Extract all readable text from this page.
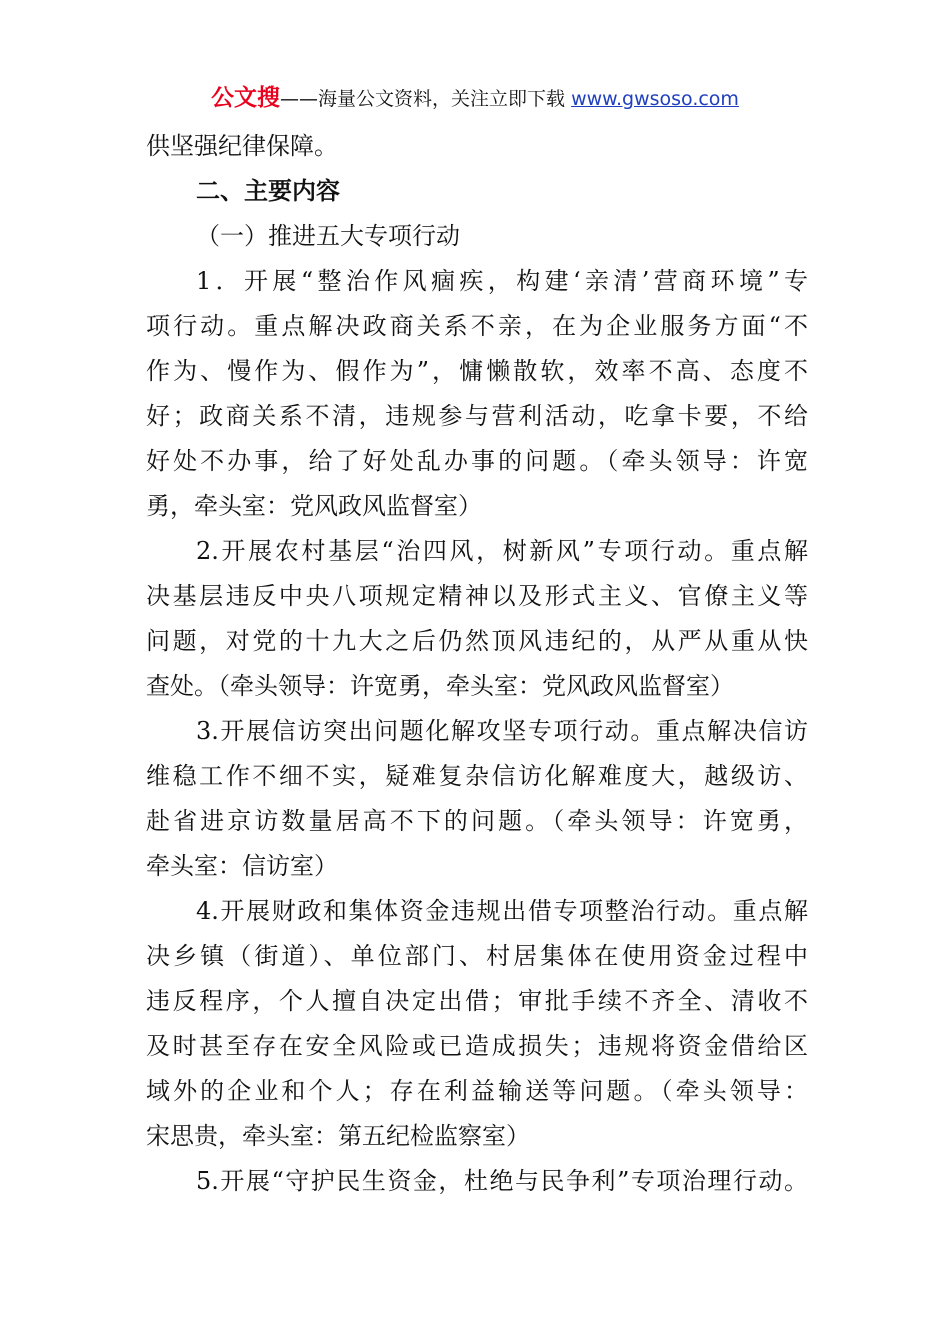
公文搜——海量公文资料，关注立即下载 www.gwsoso.com
供坚强纪律保障。
二、主要内容
（一）推进五大专项行动
1．开展“整治作风痼疾，构建‘亲清’营商环境”专
项行动。重点解决政商关系不亲，在为企业服务方面“不
作为、慢作为、假作为”，慵懒散软，效率不高、态度不
好；政商关系不清，违规参与营利活动，吃拿卡要，不给
好处不办事，给了好处乱办事的问题。（牵头领导：许宽
勇，牵头室：党风政风监督室）
2.开展农村基层“治四风，树新风”专项行动。重点解
决基层违反中央八项规定精神以及形式主义、官僚主义等
问题，对党的十九大之后仍然顶风违纪的，从严从重从快
查处。（牵头领导：许宽勇，牵头室：党风政风监督室）
3.开展信访突出问题化解攻坚专项行动。重点解决信访
维稳工作不细不实，疑难复杂信访化解难度大，越级访、
赴省进京访数量居高不下的问题。（牵头领导：许宽勇，
牵头室：信访室）
4.开展财政和集体资金违规出借专项整治行动。重点解
决乡镇（街道）、单位部门、村居集体在使用资金过程中
违反程序，个人擅自决定出借；审批手续不齐全、清收不
及时甚至存在安全风险或已造成损失；违规将资金借给区
域外的企业和个人；存在利益输送等问题。（牵头领导：
宋思贵，牵头室：第五纪检监察室）
5.开展“守护民生资金，杜绝与民争利”专项治理行动。
